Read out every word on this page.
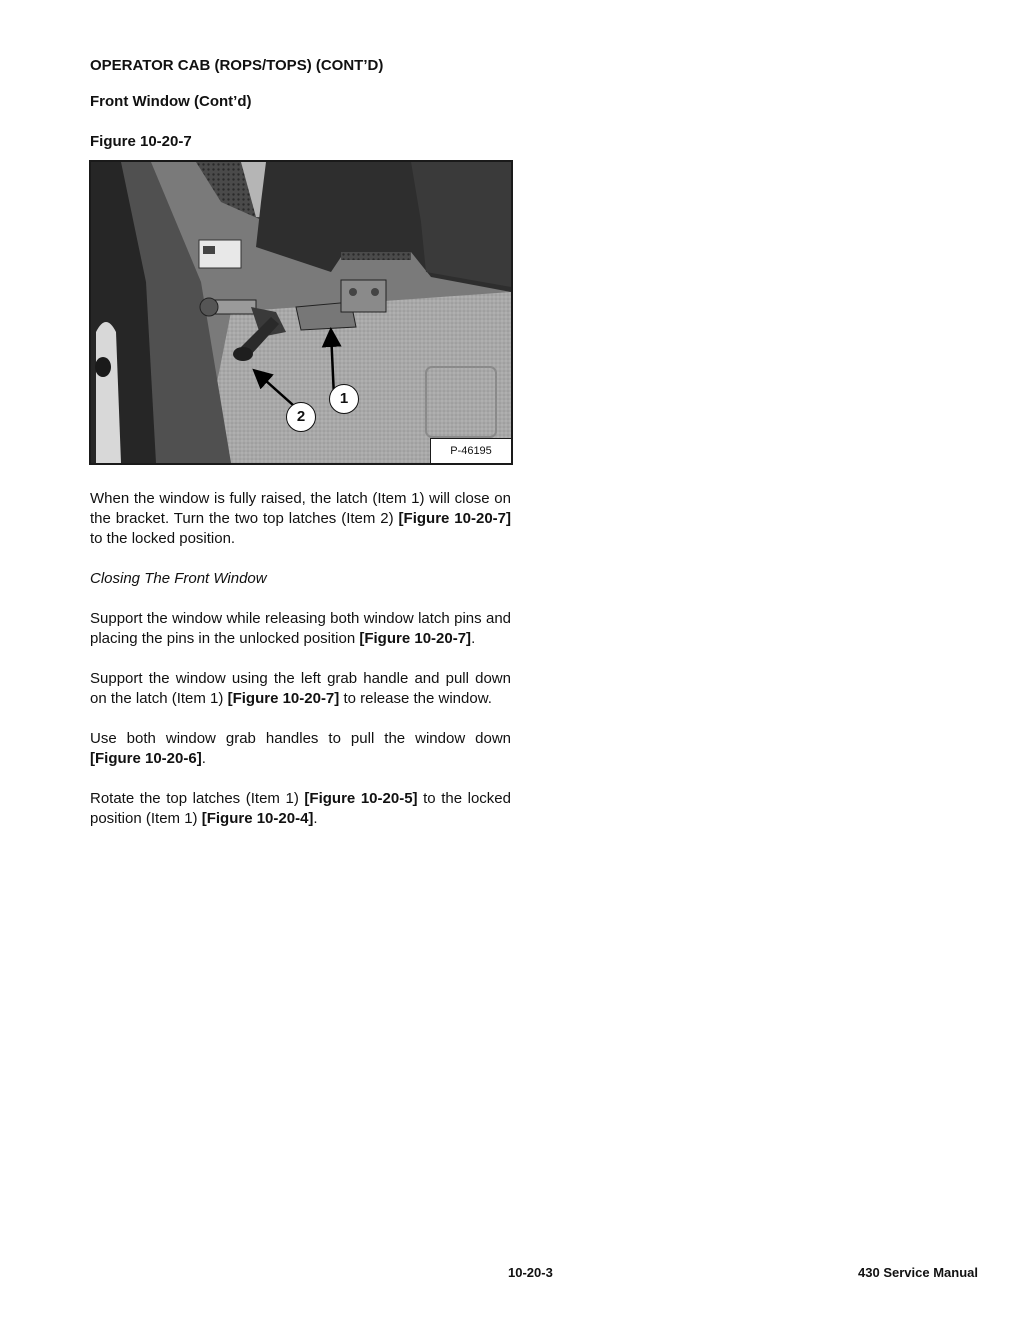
OPERATOR CAB (ROPS/TOPS) (CONT’D)
Front Window (Cont’d)
Figure 10-20-7
1
2
P-46195

When the window is fully raised, the latch (Item 1) will close on the bracket. Turn the two top latches (Item 2) [Figure 10-20-7] to the locked position.

Closing The Front Window

Support the window while releasing both window latch pins and placing the pins in the unlocked position [Figure 10-20-7].

Support the window using the left grab handle and pull down on the latch (Item 1) [Figure 10-20-7] to release the window.

Use both window grab handles to pull the window down [Figure 10-20-6].

Rotate the top latches (Item 1) [Figure 10-20-5] to the locked position (Item 1) [Figure 10-20-4].

10-20-3	430 Service Manual
